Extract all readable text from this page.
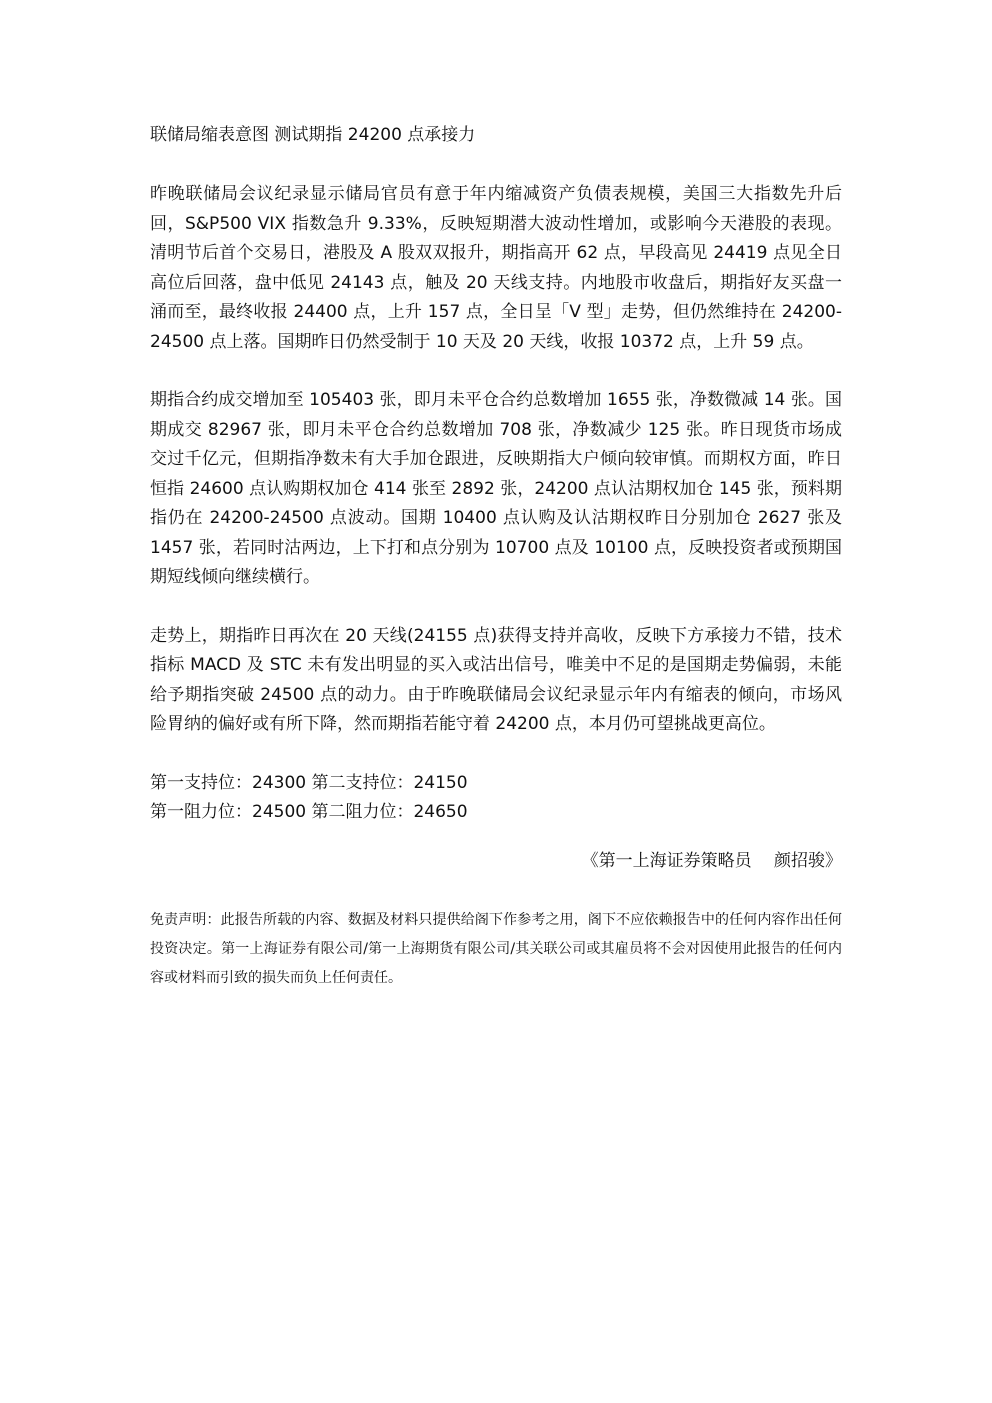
联储局缩表意图 测试期指 24200 点承接力

昨晚联储局会议纪录显示储局官员有意于年内缩减资产负债表规模，美国三大指数先升后回，S&P500 VIX 指数急升 9.33%，反映短期潜大波动性增加，或影响今天港股的表现。清明节后首个交易日，港股及 A 股双双报升，期指高开 62 点，早段高见 24419 点见全日高位后回落，盘中低见 24143 点，触及 20 天线支持。内地股市收盘后，期指好友买盘一涌而至，最终收报 24400 点，上升 157 点，全日呈「V 型」走势，但仍然维持在 24200-24500 点上落。国期昨日仍然受制于 10 天及 20 天线，收报 10372 点，上升 59 点。

期指合约成交增加至 105403 张，即月未平仓合约总数增加 1655 张，净数微减 14 张。国期成交 82967 张，即月未平仓合约总数增加 708 张，净数减少 125 张。昨日现货市场成交过千亿元，但期指净数未有大手加仓跟进，反映期指大户倾向较审慎。而期权方面，昨日恒指 24600 点认购期权加仓 414 张至 2892 张，24200 点认沽期权加仓 145 张，预料期指仍在 24200-24500 点波动。国期 10400 点认购及认沽期权昨日分别加仓 2627 张及 1457 张，若同时沽两边，上下打和点分别为 10700 点及 10100 点，反映投资者或预期国期短线倾向继续横行。

走势上，期指昨日再次在 20 天线(24155 点)获得支持并高收，反映下方承接力不错，技术指标 MACD 及 STC 未有发出明显的买入或沽出信号，唯美中不足的是国期走势偏弱，未能给予期指突破 24500 点的动力。由于昨晚联储局会议纪录显示年内有缩表的倾向，市场风险胃纳的偏好或有所下降，然而期指若能守着 24200 点，本月仍可望挑战更高位。

第一支持位：24300 第二支持位：24150
第一阻力位：24500 第二阻力位：24650
《第一上海证券策略员　 颜招骏》

免责声明：此报告所载的内容、数据及材料只提供给阁下作参考之用，阁下不应依赖报告中的任何内容作出任何投资决定。第一上海证券有限公司/第一上海期货有限公司/其关联公司或其雇员将不会对因使用此报告的任何内容或材料而引致的损失而负上任何责任。
